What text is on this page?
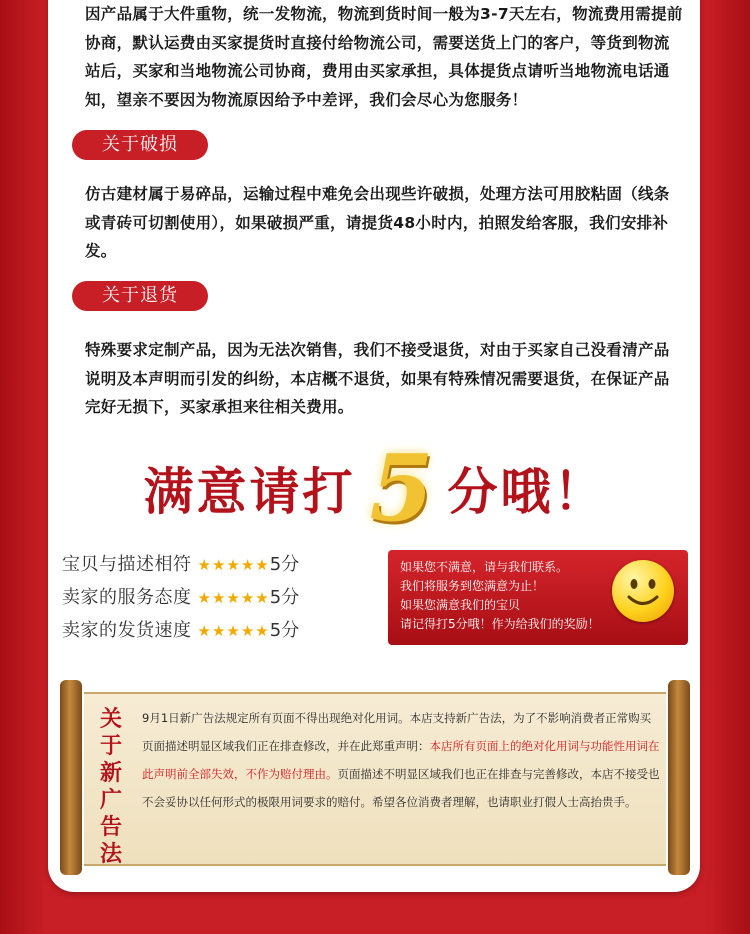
因产品属于大件重物，统一发物流，物流到货时间一般为3-7天左右，物流费用需提前协商，默认运费由买家提货时直接付给物流公司，需要送货上门的客户，等货到物流站后，买家和当地物流公司协商，费用由买家承担，具体提货点请听当地物流电话通知，望亲不要因为物流原因给予中差评，我们会尽心为您服务！
关于破损
仿古建材属于易碎品，运输过程中难免会出现些许破损，处理方法可用胶粘固（线条或青砖可切割使用），如果破损严重，请提货48小时内，拍照发给客服，我们安排补发。
关于退货
特殊要求定制产品，因为无法次销售，我们不接受退货，对由于买家自己没看清产品说明及本声明而引发的纠纷，本店概不退货，如果有特殊情况需要退货，在保证产品完好无损下，买家承担来往相关费用。
满意请打 5 分哦！
宝贝与描述相符 ★★★★★5分
卖家的服务态度 ★★★★★5分
卖家的发货速度 ★★★★★5分
如果您不满意，请与我们联系。
我们将服务到您满意为止！
如果您满意我们的宝贝
请记得打5分哦！作为给我们的奖励！
关
于
新
广
告
法
9月1日新广告法规定所有页面不得出现绝对化用词。本店支持新广告法，为了不影响消费者正常购买页面描述明显区域我们正在排查修改，并在此郑重声明：本店所有页面上的绝对化用词与功能性用词在此声明前全部失效，不作为赔付理由。页面描述不明显区域我们也正在排查与完善修改，本店不接受也不会妥协以任何形式的极限用词要求的赔付。希望各位消费者理解，也请职业打假人士高抬贵手。
